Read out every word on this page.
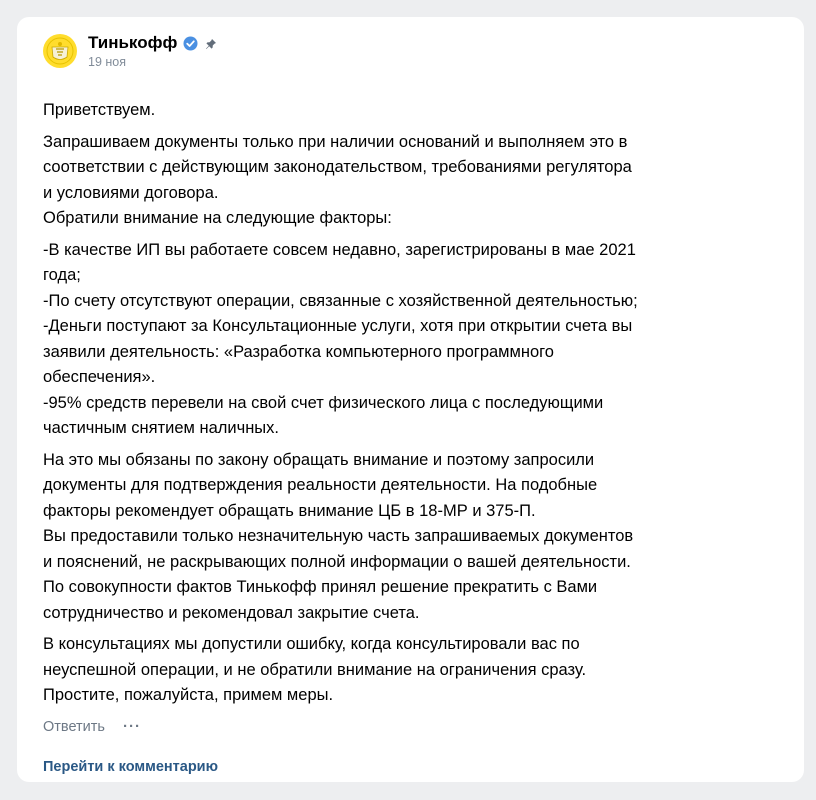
Тинькофф
19 ноя

Приветствуем.

Запрашиваем документы только при наличии оснований и выполняем это в
соответствии с действующим законодательством, требованиями регулятора
и условиями договора.

Обратили внимание на следующие факторы:

-В качестве ИП вы работаете совсем недавно, зарегистрированы в мае 2021
года;
-По счету отсутствуют операции, связанные с хозяйственной деятельностью;
-Деньги поступают за Консультационные услуги, хотя при открытии счета вы
заявили деятельность: «Разработка компьютерного программного
обеспечения».
-95% средств перевели на свой счет физического лица с последующими
частичным снятием наличных.

На это мы обязаны по закону обращать внимание и поэтому запросили
документы для подтверждения реальности деятельности. На подобные
факторы рекомендует обращать внимание ЦБ в 18-МР и 375-П.
Вы предоставили только незначительную часть запрашиваемых документов
и пояснений, не раскрывающих полной информации о вашей деятельности.
По совокупности фактов Тинькофф принял решение прекратить с Вами
сотрудничество и рекомендовал закрытие счета.

В консультациях мы допустили ошибку, когда консультировали вас по
неуспешной операции, и не обратили внимание на ограничения сразу.
Простите, пожалуйста, примем меры.

Ответить ···
Перейти к комментарию
